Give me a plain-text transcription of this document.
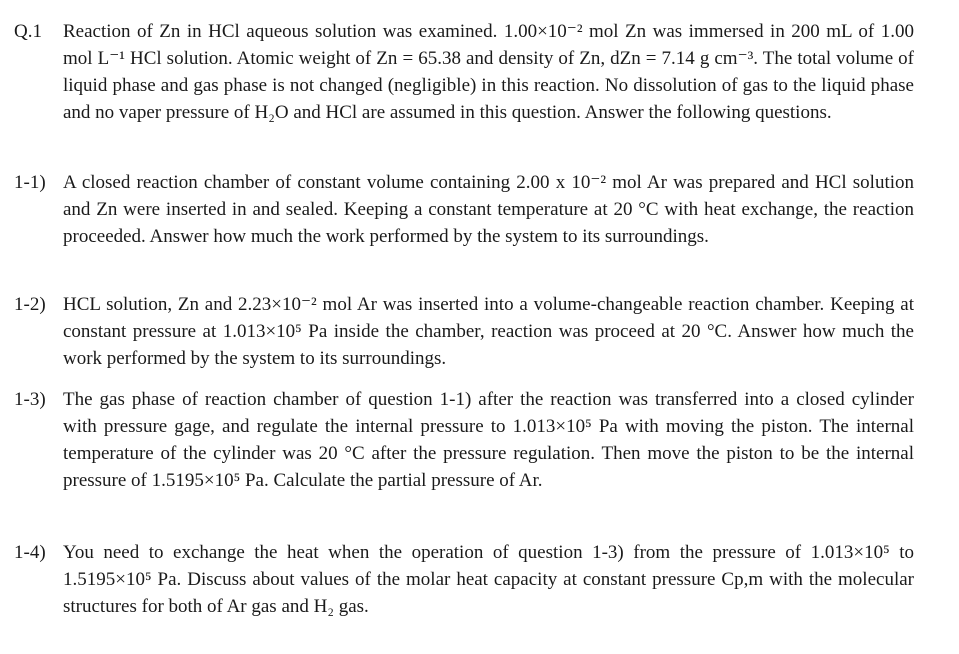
Q.1	Reaction of Zn in HCl aqueous solution was examined. 1.00×10⁻² mol Zn was immersed in 200 mL of 1.00 mol L⁻¹ HCl solution. Atomic weight of Zn = 65.38 and density of Zn, dZn = 7.14 g cm⁻³. The total volume of liquid phase and gas phase is not changed (negligible) in this reaction. No dissolution of gas to the liquid phase and no vaper pressure of H₂O and HCl are assumed in this question. Answer the following questions.
1-1) A closed reaction chamber of constant volume containing 2.00 x 10⁻² mol Ar was prepared and HCl solution and Zn were inserted in and sealed. Keeping a constant temperature at 20 °C with heat exchange, the reaction proceeded. Answer how much the work performed by the system to its surroundings.
1-2) HCL solution, Zn and 2.23×10⁻² mol Ar was inserted into a volume-changeable reaction chamber. Keeping at constant pressure at 1.013×10⁵ Pa inside the chamber, reaction was proceed at 20 °C. Answer how much the work performed by the system to its surroundings.
1-3) The gas phase of reaction chamber of question 1-1) after the reaction was transferred into a closed cylinder with pressure gage, and regulate the internal pressure to 1.013×10⁵ Pa with moving the piston. The internal temperature of the cylinder was 20 °C after the pressure regulation. Then move the piston to be the internal pressure of 1.5195×10⁵ Pa. Calculate the partial pressure of Ar.
1-4) You need to exchange the heat when the operation of question 1-3) from the pressure of 1.013×10⁵ to 1.5195×10⁵ Pa. Discuss about values of the molar heat capacity at constant pressure Cp,m with the molecular structures for both of Ar gas and H₂ gas.
